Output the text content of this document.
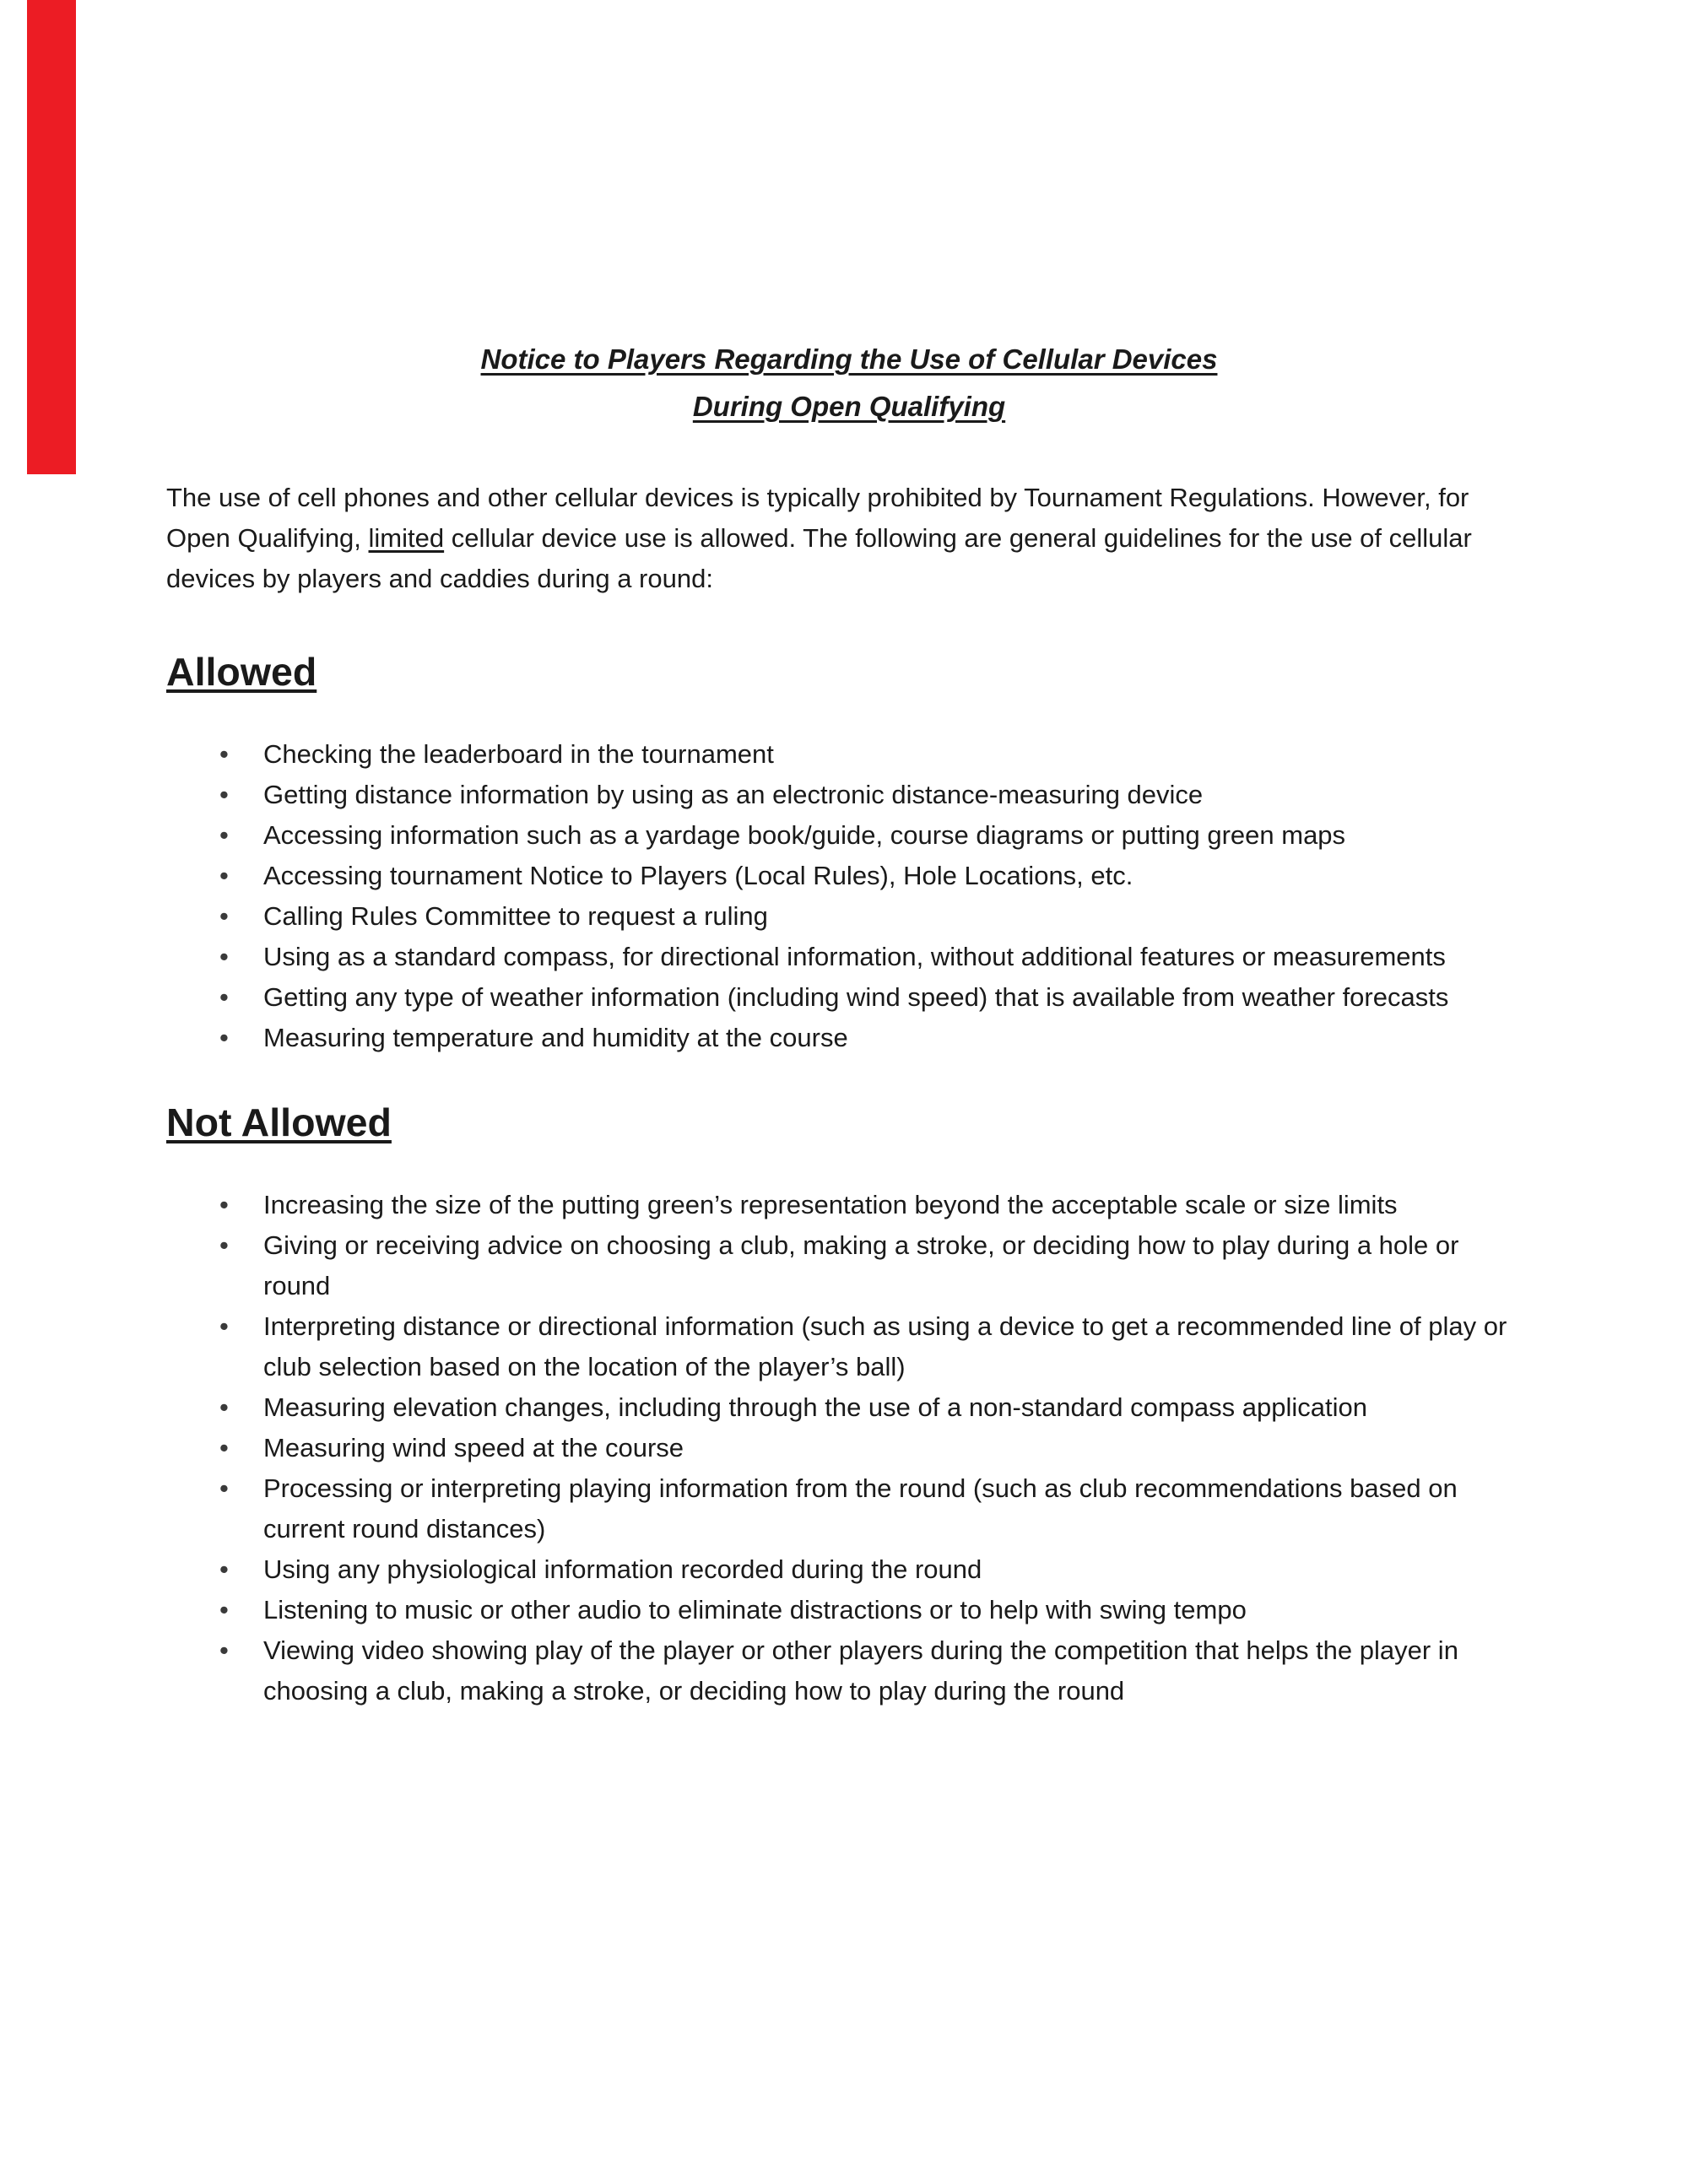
Notice to Players Regarding the Use of Cellular Devices
During Open Qualifying

The use of cell phones and other cellular devices is typically prohibited by Tournament Regulations. However, for Open Qualifying, limited cellular device use is allowed. The following are general guidelines for the use of cellular devices by players and caddies during a round:

Allowed
• Checking the leaderboard in the tournament
• Getting distance information by using as an electronic distance-measuring device
• Accessing information such as a yardage book/guide, course diagrams or putting green maps
• Accessing tournament Notice to Players (Local Rules), Hole Locations, etc.
• Calling Rules Committee to request a ruling
• Using as a standard compass, for directional information, without additional features or measurements
• Getting any type of weather information (including wind speed) that is available from weather forecasts
• Measuring temperature and humidity at the course
Not Allowed
• Increasing the size of the putting green’s representation beyond the acceptable scale or size limits
• Giving or receiving advice on choosing a club, making a stroke, or deciding how to play during a hole or round
• Interpreting distance or directional information (such as using a device to get a recommended line of play or club selection based on the location of the player’s ball)
• Measuring elevation changes, including through the use of a non-standard compass application
• Measuring wind speed at the course
• Processing or interpreting playing information from the round (such as club recommendations based on current round distances)
• Using any physiological information recorded during the round
• Listening to music or other audio to eliminate distractions or to help with swing tempo
• Viewing video showing play of the player or other players during the competition that helps the player in choosing a club, making a stroke, or deciding how to play during the round
